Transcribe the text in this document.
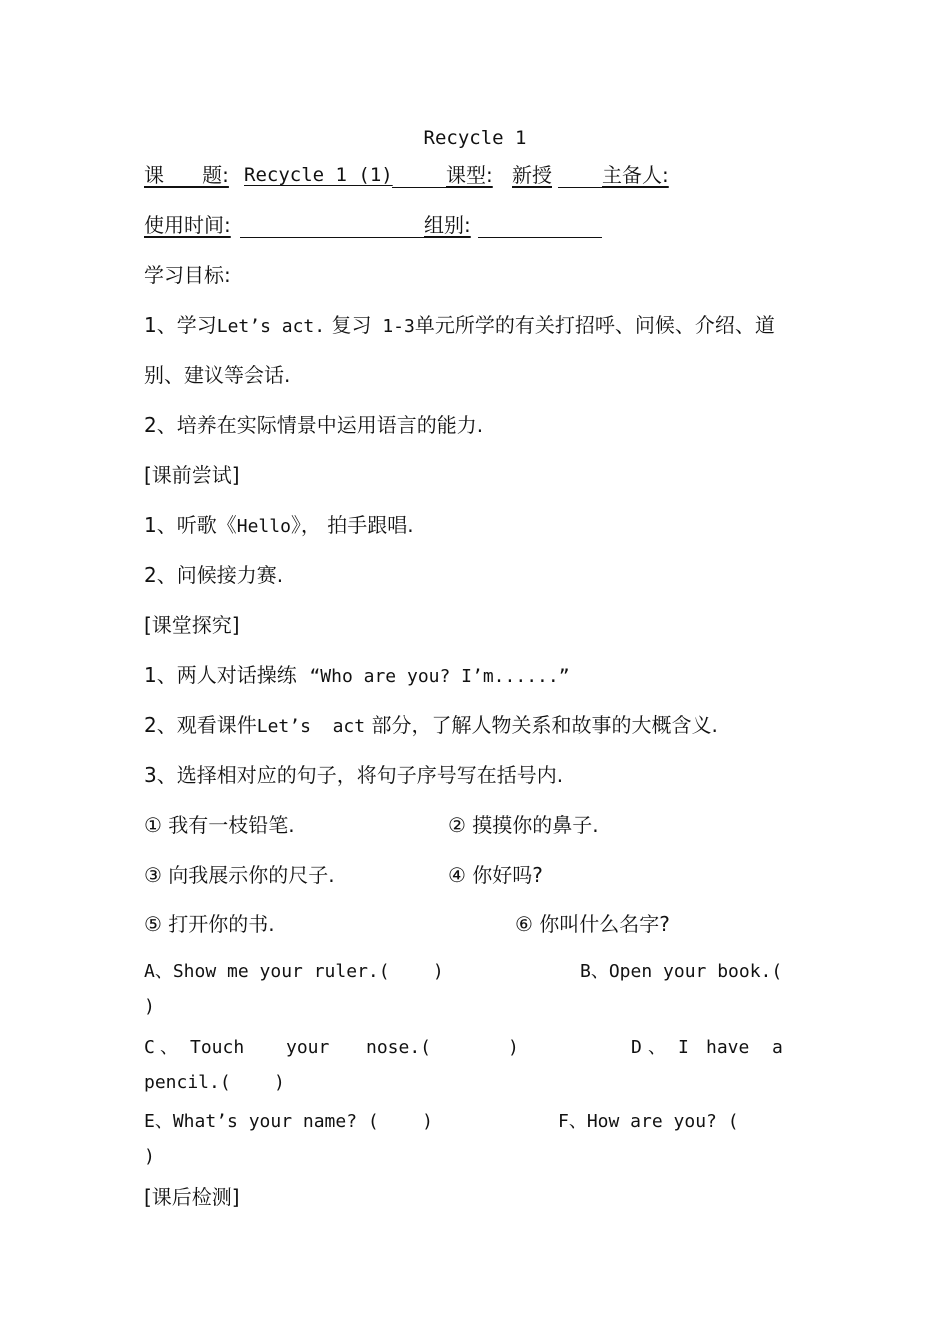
Recycle 1
课      题: Recycle 1 (1)	课型: 新授	主备人:
使用时间:	组别:
学习目标:
1、学习Let’s act. 复习 1-3单元所学的有关打招呼、问候、介绍、道
别、建议等会话.
2、培养在实际情景中运用语言的能力.
[课前尝试]
1、听歌《Hello》， 拍手跟唱.
2、问候接力赛.
[课堂探究]
1、两人对话操练 “Who are you? I’m......”
2、观看课件Let’s  act 部分，了解人物关系和故事的大概含义.
3、选择相对应的句子，将句子序号写在括号内.
① 我有一枝铅笔.	② 摸摸你的鼻子.
③ 向我展示你的尺子.	④ 你好吗?
⑤ 打开你的书.	⑥ 你叫什么名字?
A、Show me your ruler.(    )	B、Open your book.(
)
C 、 Touch your nose.(	)	D 、 I have a
pencil.(    )
E、What’s your name? (    )	F、How are you? (
)
[课后检测]
